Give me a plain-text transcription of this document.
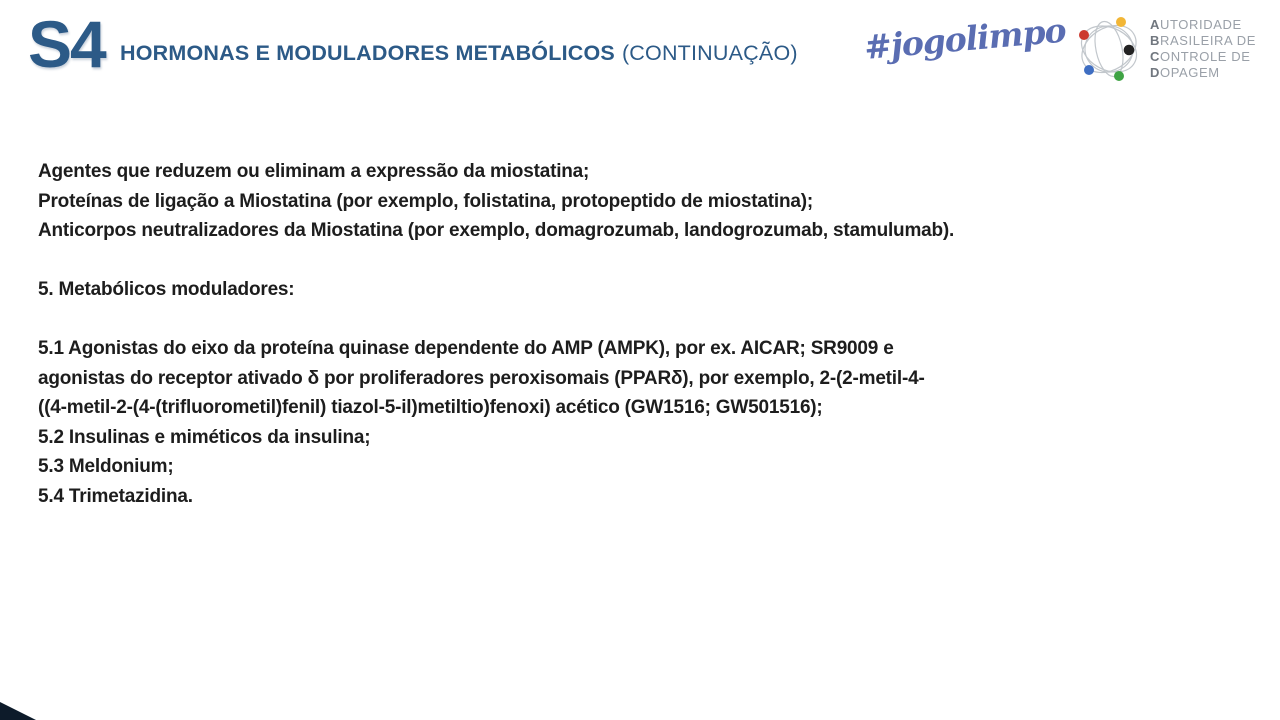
S4 HORMONAS E MODULADORES METABÓLICOS (CONTINUAÇÃO) #jogolimpo	AUTORIDADE
BRASILEIRA DE
CONTROLE DE
DOPAGEM
Agentes que reduzem ou eliminam a expressão da miostatina;
Proteínas de ligação a Miostatina (por exemplo, folistatina, protopeptido de miostatina);
Anticorpos neutralizadores da Miostatina (por exemplo, domagrozumab, landogrozumab, stamulumab).
5. Metabólicos moduladores:
5.1 Agonistas do eixo da proteína quinase dependente do AMP (AMPK), por ex. AICAR; SR9009 e
agonistas do receptor ativado δ por proliferadores peroxisomais (PPARδ), por exemplo, 2-(2-metil-4-
((4-metil-2-(4-(trifluorometil)fenil) tiazol-5-il)metiltio)fenoxi) acético (GW1516; GW501516);
5.2 Insulinas e miméticos da insulina;
5.3 Meldonium;
5.4 Trimetazidina.
